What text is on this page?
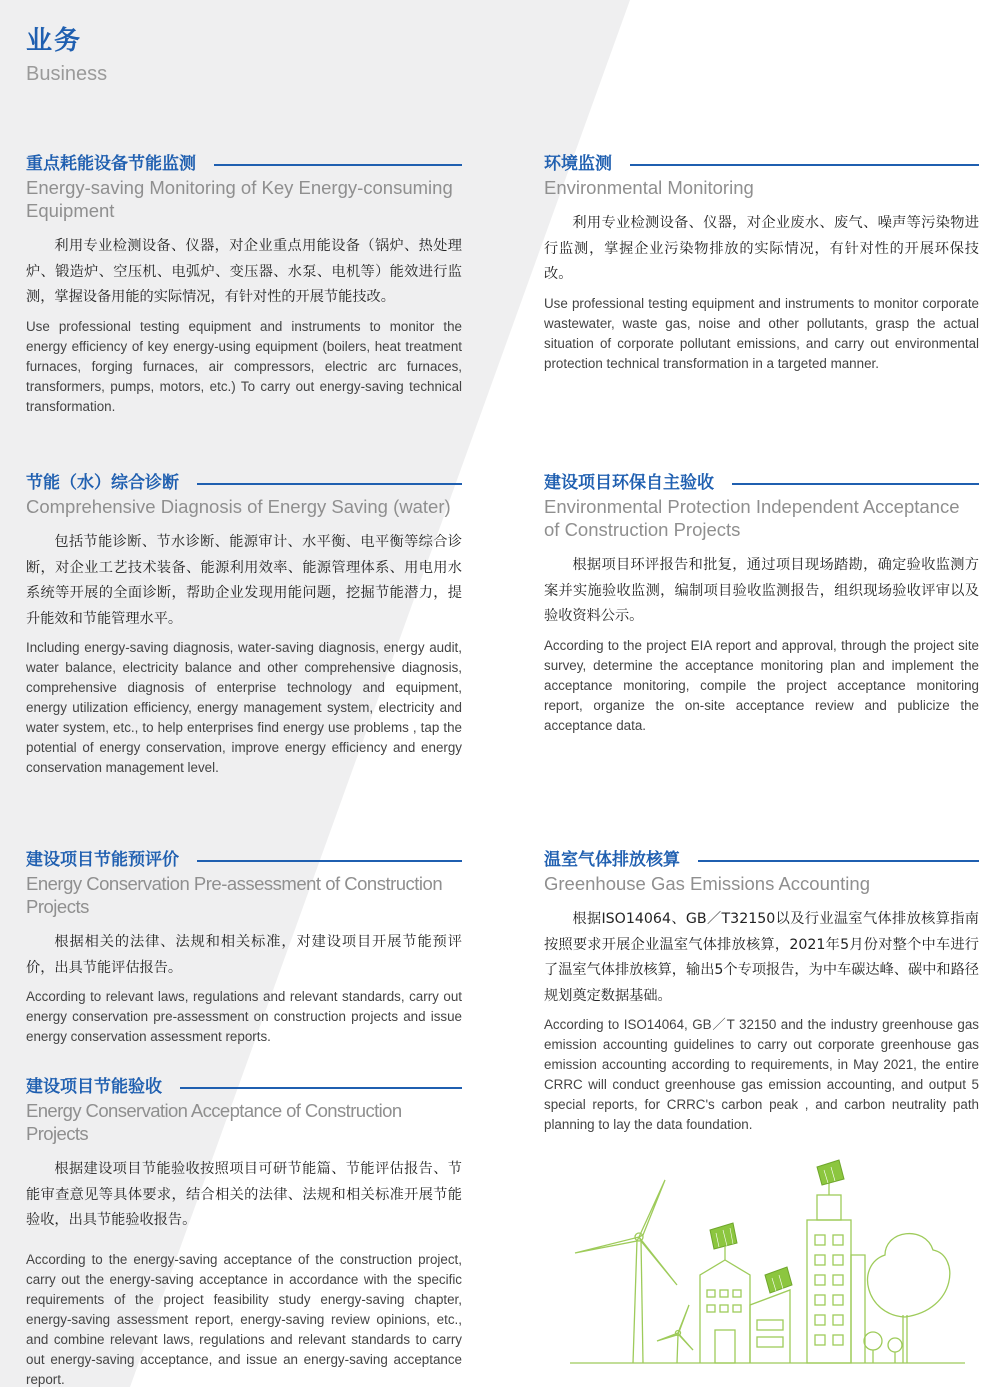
业务
Business
重点耗能设备节能监测
Energy-saving Monitoring of Key Energy-consuming Equipment
利用专业检测设备、仪器，对企业重点用能设备（锅炉、热处理炉、锻造炉、空压机、电弧炉、变压器、水泵、电机等）能效进行监测，掌握设备用能的实际情况，有针对性的开展节能技改。
Use professional testing equipment and instruments to monitor the energy efficiency of key energy-using equipment (boilers, heat treatment furnaces, forging furnaces, air compressors, electric arc furnaces, transformers, pumps, motors, etc.) To carry out energy-saving technical transformation.
环境监测
Environmental Monitoring
利用专业检测设备、仪器，对企业废水、废气、噪声等污染物进行监测，掌握企业污染物排放的实际情况，有针对性的开展环保技改。
Use professional testing equipment and instruments to monitor corporate wastewater, waste gas, noise and other pollutants, grasp the actual situation of corporate pollutant emissions, and carry out environmental protection technical transformation in a targeted manner.
节能（水）综合诊断
Comprehensive Diagnosis of Energy Saving (water)
包括节能诊断、节水诊断、能源审计、水平衡、电平衡等综合诊断，对企业工艺技术装备、能源利用效率、能源管理体系、用电用水系统等开展的全面诊断，帮助企业发现用能问题，挖掘节能潜力，提升能效和节能管理水平。
Including energy-saving diagnosis, water-saving diagnosis, energy audit, water balance, electricity balance and other comprehensive diagnosis, comprehensive diagnosis of enterprise technology and equipment, energy utilization efficiency, energy management system, electricity and water system, etc., to help enterprises find energy use problems , tap the potential of energy conservation, improve energy efficiency and energy conservation management level.
建设项目环保自主验收
Environmental Protection Independent Acceptance of Construction Projects
根据项目环评报告和批复，通过项目现场踏勘，确定验收监测方案并实施验收监测，编制项目验收监测报告，组织现场验收评审以及验收资料公示。
According to the project EIA report and approval, through the project site survey, determine the acceptance monitoring plan and implement the acceptance monitoring, compile the project acceptance monitoring report, organize the on-site acceptance review and publicize the acceptance data.
建设项目节能预评价
Energy Conservation Pre-assessment of Construction Projects
根据相关的法律、法规和相关标准，对建设项目开展节能预评价，出具节能评估报告。
According to relevant laws, regulations and relevant standards, carry out energy conservation pre-assessment on construction projects and issue energy conservation assessment reports.
温室气体排放核算
Greenhouse Gas Emissions Accounting
根据ISO14064、GB／T32150以及行业温室气体排放核算指南按照要求开展企业温室气体排放核算，2021年5月份对整个中车进行了温室气体排放核算，输出5个专项报告，为中车碳达峰、碳中和路径规划奠定数据基础。
According to ISO14064, GB／T 32150 and the industry greenhouse gas emission accounting guidelines to carry out corporate greenhouse gas emission accounting according to requirements, in May 2021, the entire CRRC will conduct greenhouse gas emission accounting, and output 5 special reports, for CRRC's carbon peak , and carbon neutrality path planning to lay the data foundation.
建设项目节能验收
Energy Conservation Acceptance of Construction Projects
根据建设项目节能验收按照项目可研节能篇、节能评估报告、节能审查意见等具体要求，结合相关的法律、法规和相关标准开展节能验收，出具节能验收报告。
According to the energy-saving acceptance of the construction project, carry out the energy-saving acceptance in accordance with the specific requirements of the project feasibility study energy-saving chapter, energy-saving assessment report, energy-saving review opinions, etc., and combine relevant laws, regulations and relevant standards to carry out energy-saving acceptance, and issue an energy-saving acceptance report.
